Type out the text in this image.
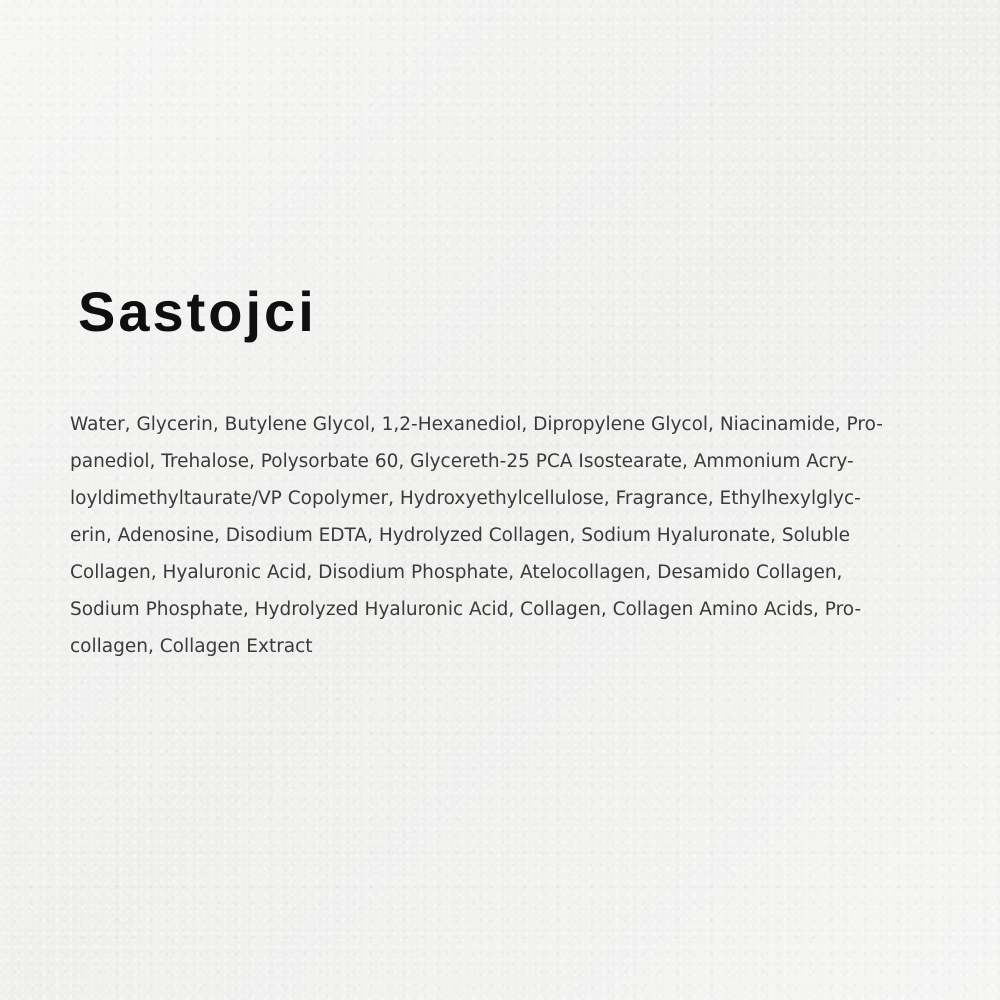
Sastojci

Water, Glycerin, Butylene Glycol, 1,2-Hexanediol, Dipropylene Glycol, Niacinamide, Pro-
panediol, Trehalose, Polysorbate 60, Glycereth-25 PCA Isostearate, Ammonium Acry-
loyldimethyltaurate/VP Copolymer, Hydroxyethylcellulose, Fragrance, Ethylhexylglyc-
erin, Adenosine, Disodium EDTA, Hydrolyzed Collagen, Sodium Hyaluronate, Soluble
Collagen, Hyaluronic Acid, Disodium Phosphate, Atelocollagen, Desamido Collagen,
Sodium Phosphate, Hydrolyzed Hyaluronic Acid, Collagen, Collagen Amino Acids, Pro-
collagen, Collagen Extract
